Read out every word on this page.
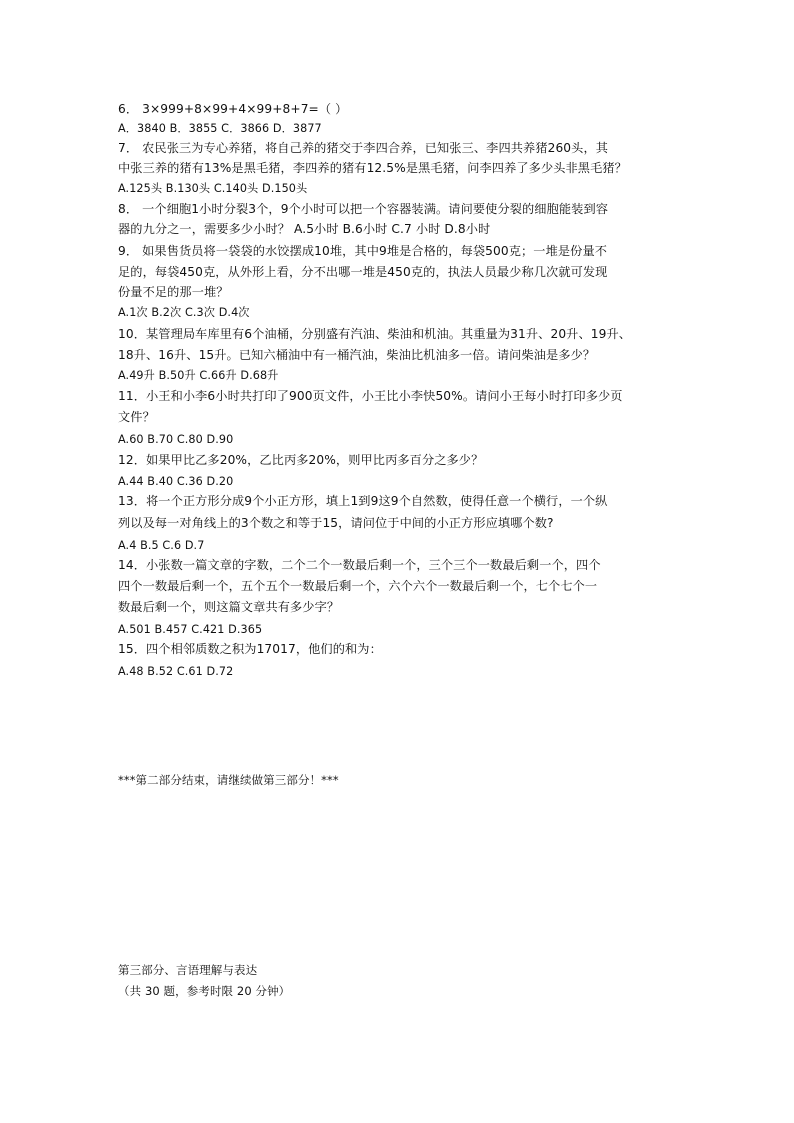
6． 3×999+8×99+4×99+8+7=（ ）
A．3840 B．3855 C．3866 D．3877
7． 农民张三为专心养猪，将自己养的猪交于李四合养，已知张三、李四共养猪260头，其
中张三养的猪有13%是黑毛猪，李四养的猪有12.5%是黑毛猪，问李四养了多少头非黑毛猪？
A.125头 B.130头 C.140头 D.150头
8． 一个细胞1小时分裂3个，9个小时可以把一个容器装满。请问要使分裂的细胞能装到容
器的九分之一，需要多少小时？ A.5小时 B.6小时 C.7 小时 D.8小时
9． 如果售货员将一袋袋的水饺摆成10堆，其中9堆是合格的，每袋500克；一堆是份量不
足的，每袋450克，从外形上看，分不出哪一堆是450克的，执法人员最少称几次就可发现
份量不足的那一堆？
A.1次 B.2次 C.3次 D.4次
10．某管理局车库里有6个油桶，分别盛有汽油、柴油和机油。其重量为31升、20升、19升、
18升、16升、15升。已知六桶油中有一桶汽油，柴油比机油多一倍。请问柴油是多少？
A.49升 B.50升 C.66升 D.68升
11．小王和小李6小时共打印了900页文件，小王比小李快50%。请问小王每小时打印多少页
文件？
A.60 B.70 C.80 D.90
12．如果甲比乙多20%，乙比丙多20%，则甲比丙多百分之多少？
A.44 B.40 C.36 D.20
13．将一个正方形分成9个小正方形，填上1到9这9个自然数，使得任意一个横行，一个纵
列以及每一对角线上的3个数之和等于15，请问位于中间的小正方形应填哪个数?
A.4 B.5 C.6 D.7
14．小张数一篇文章的字数，二个二个一数最后剩一个，三个三个一数最后剩一个，四个
四个一数最后剩一个，五个五个一数最后剩一个，六个六个一数最后剩一个，七个七个一
数最后剩一个，则这篇文章共有多少字？
A.501 B.457 C.421 D.365
15．四个相邻质数之积为17017，他们的和为：
A.48 B.52 C.61 D.72
***第二部分结束，请继续做第三部分！***
第三部分、言语理解与表达
（共 30 题，参考时限 20 分钟）
